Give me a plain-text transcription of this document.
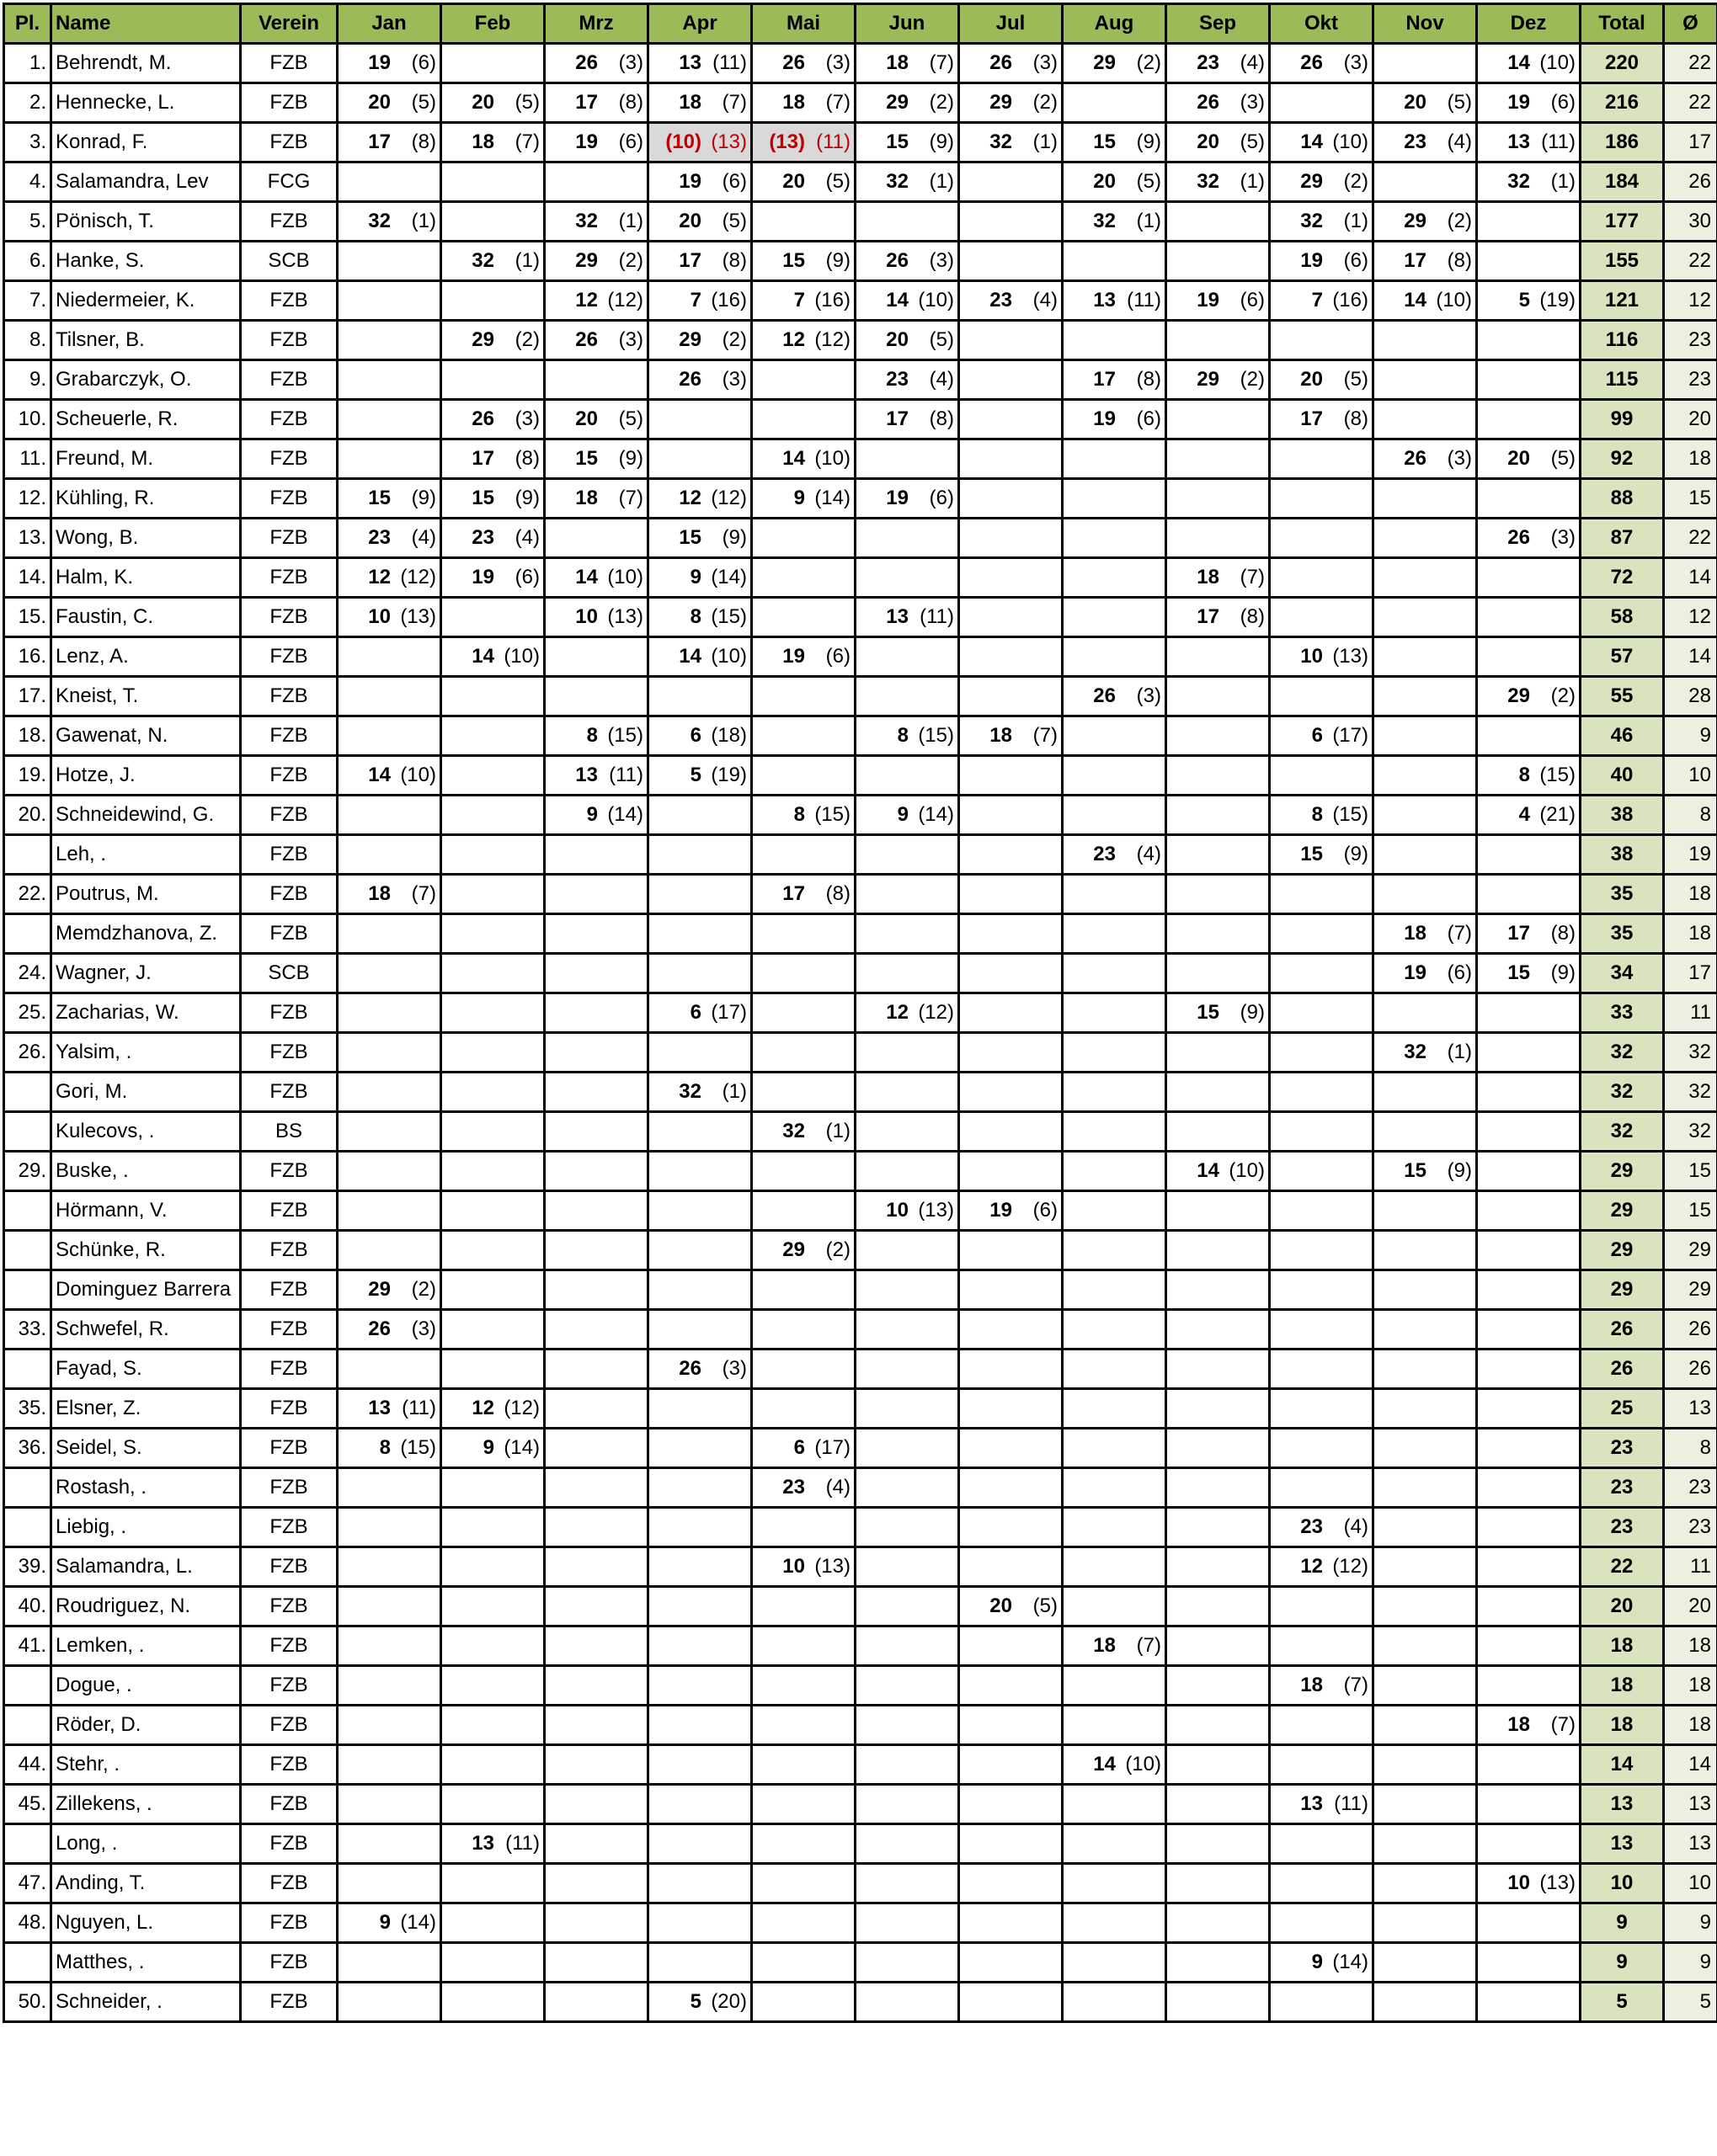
Pl.	Name	Verein	Jan	Feb	Mrz	Apr	Mai	Jun	Jul	Aug	Sep	Okt	Nov	Dez	Total	Ø
1.	Behrendt, M.	FZB	19 (6)		26 (3)	13 (11)	26 (3)	18 (7)	26 (3)	29 (2)	23 (4)	26 (3)		14 (10)	220	22
2.	Hennecke, L.	FZB	20 (5)	20 (5)	17 (8)	18 (7)	18 (7)	29 (2)	29 (2)		26 (3)		20 (5)	19 (6)	216	22
3.	Konrad, F.	FZB	17 (8)	18 (7)	19 (6)	(10) (13)	(13) (11)	15 (9)	32 (1)	15 (9)	20 (5)	14 (10)	23 (4)	13 (11)	186	17
4.	Salamandra, Lev	FCG				19 (6)	20 (5)	32 (1)		20 (5)	32 (1)	29 (2)		32 (1)	184	26
5.	Pönisch, T.	FZB	32 (1)		32 (1)	20 (5)				32 (1)		32 (1)	29 (2)		177	30
6.	Hanke, S.	SCB		32 (1)	29 (2)	17 (8)	15 (9)	26 (3)				19 (6)	17 (8)		155	22
7.	Niedermeier, K.	FZB			12 (12)	7 (16)	7 (16)	14 (10)	23 (4)	13 (11)	19 (6)	7 (16)	14 (10)	5 (19)	121	12
8.	Tilsner, B.	FZB		29 (2)	26 (3)	29 (2)	12 (12)	20 (5)							116	23
9.	Grabarczyk, O.	FZB				26 (3)		23 (4)		17 (8)	29 (2)	20 (5)			115	23
10.	Scheuerle, R.	FZB		26 (3)	20 (5)			17 (8)		19 (6)		17 (8)			99	20
11.	Freund, M.	FZB		17 (8)	15 (9)		14 (10)						26 (3)	20 (5)	92	18
12.	Kühling, R.	FZB	15 (9)	15 (9)	18 (7)	12 (12)	9 (14)	19 (6)							88	15
13.	Wong, B.	FZB	23 (4)	23 (4)		15 (9)								26 (3)	87	22
14.	Halm, K.	FZB	12 (12)	19 (6)	14 (10)	9 (14)					18 (7)				72	14
15.	Faustin, C.	FZB	10 (13)		10 (13)	8 (15)		13 (11)			17 (8)				58	12
16.	Lenz, A.	FZB		14 (10)		14 (10)	19 (6)					10 (13)			57	14
17.	Kneist, T.	FZB								26 (3)				29 (2)	55	28
18.	Gawenat, N.	FZB			8 (15)	6 (18)		8 (15)	18 (7)			6 (17)			46	9
19.	Hotze, J.	FZB	14 (10)		13 (11)	5 (19)								8 (15)	40	10
20.	Schneidewind, G.	FZB			9 (14)		8 (15)	9 (14)				8 (15)		4 (21)	38	8
	Leh, .	FZB								23 (4)		15 (9)			38	19
22.	Poutrus, M.	FZB	18 (7)				17 (8)								35	18
	Memdzhanova, Z.	FZB											18 (7)	17 (8)	35	18
24.	Wagner, J.	SCB											19 (6)	15 (9)	34	17
25.	Zacharias, W.	FZB				6 (17)		12 (12)			15 (9)				33	11
26.	Yalsim, .	FZB											32 (1)		32	32
	Gori, M.	FZB				32 (1)									32	32
	Kulecovs, .	BS					32 (1)								32	32
29.	Buske, .	FZB									14 (10)		15 (9)		29	15
	Hörmann, V.	FZB						10 (13)	19 (6)						29	15
	Schünke, R.	FZB					29 (2)								29	29
	Dominguez Barrera	FZB	29 (2)												29	29
33.	Schwefel, R.	FZB	26 (3)												26	26
	Fayad, S.	FZB				26 (3)									26	26
35.	Elsner, Z.	FZB	13 (11)	12 (12)											25	13
36.	Seidel, S.	FZB	8 (15)	9 (14)			6 (17)								23	8
	Rostash, .	FZB					23 (4)								23	23
	Liebig, .	FZB										23 (4)			23	23
39.	Salamandra, L.	FZB					10 (13)					12 (12)			22	11
40.	Roudriguez, N.	FZB							20 (5)						20	20
41.	Lemken, .	FZB								18 (7)					18	18
	Dogue, .	FZB										18 (7)			18	18
	Röder, D.	FZB												18 (7)	18	18
44.	Stehr, .	FZB								14 (10)					14	14
45.	Zillekens, .	FZB										13 (11)			13	13
	Long, .	FZB		13 (11)											13	13
47.	Anding, T.	FZB												10 (13)	10	10
48.	Nguyen, L.	FZB	9 (14)												9	9
	Matthes, .	FZB										9 (14)			9	9
50.	Schneider, .	FZB				5 (20)									5	5
